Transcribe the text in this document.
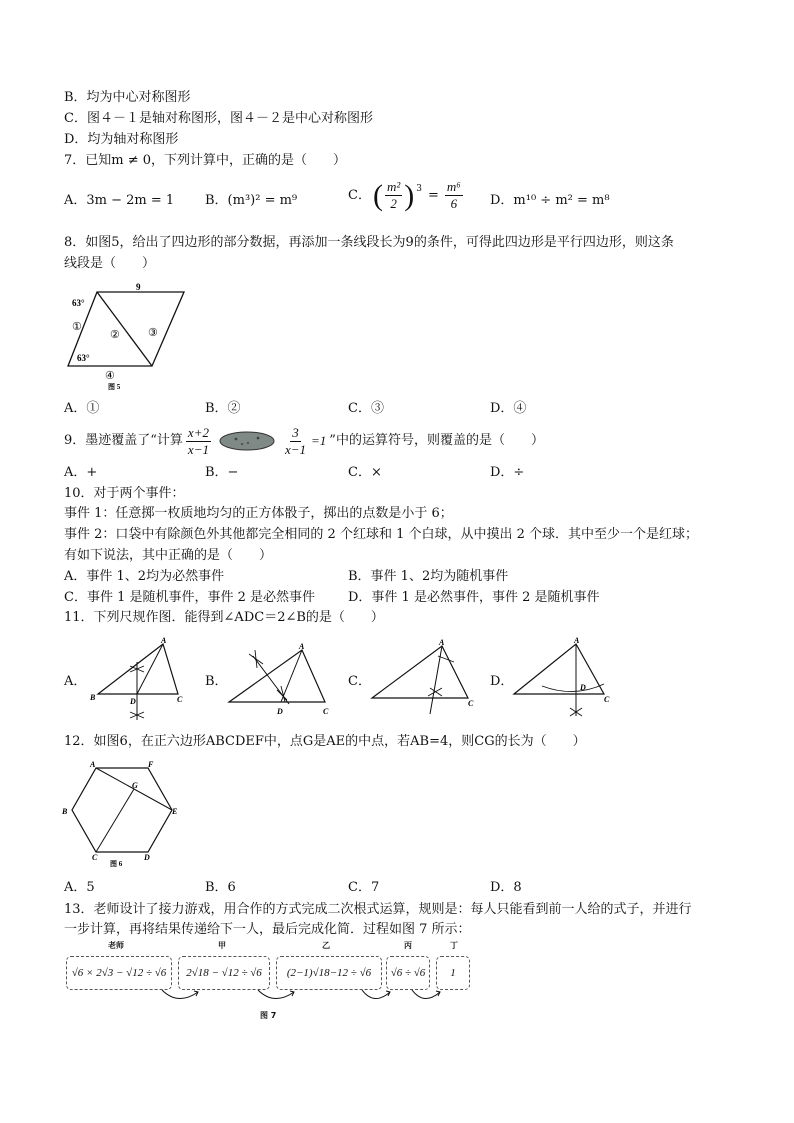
B．均为中心对称图形
C．图４－１是轴对称图形，图４－２是中心对称图形
D．均为轴对称图形
7．已知m ≠ 0，下列计算中，正确的是（　　）
A．3m − 2m = 1 B．(m³)² = m⁹	C． ( $\frac{\text{m²}}{2} )^3 = \frac{\text{m⁶}}{6}$ D．m¹⁰ ÷ m² = m⁸
8．如图5，给出了四边形的部分数据，再添加一条线段长为9的条件，可得此四边形是平行四边形，则这条
线段是（　　）
9
63°
63°
①
②	③
④
图 5
A．①	B．②	C．③	D．④
9．墨迹覆盖了“计算 $\frac{x+2}{x-1}$	$\frac{3}{x-1} =1$ ”中的运算符号，则覆盖的是（　　）
A．+	B．−	C．×	D．÷
10．对于两个事件：
事件 1：任意掷一枚质地均匀的正方体骰子，掷出的点数是小于 6；
事件 2：口袋中有除颜色外其他都完全相同的 2 个红球和 1 个白球，从中摸出 2 个球．其中至少一个是红球；
有如下说法，其中正确的是（　　）
A．事件 1、2均为必然事件	B．事件 1、2均为随机事件
C．事件 1 是随机事件，事件 2 是必然事件	D．事件 1 是必然事件，事件 2 是随机事件
11．下列尺规作图．能得到∠ADC＝2∠B的是（　　）
A．
A
B	C
D
B．
A
D	C
C．
A
C
D．
A
D
C
12．如图6，在正六边形ABCDEF中，点G是AE的中点，若AB=4，则CG的长为（　　）
A	F
B	E
G
C	D
图 6
A．5	B．6	C．7	D．8
13．老师设计了接力游戏，用合作的方式完成二次根式运算，规则是：每人只能看到前一人给的式子，并进行
一步计算，再将结果传递给下一人，最后完成化简．过程如图 7 所示：
老师	甲	乙	丙	丁
√6 × 2√3 − √12 ÷ √6	2√18 − √12 ÷ √6	(2−1)√18−12 ÷ √6	√6 ÷ √6	1
图 7
